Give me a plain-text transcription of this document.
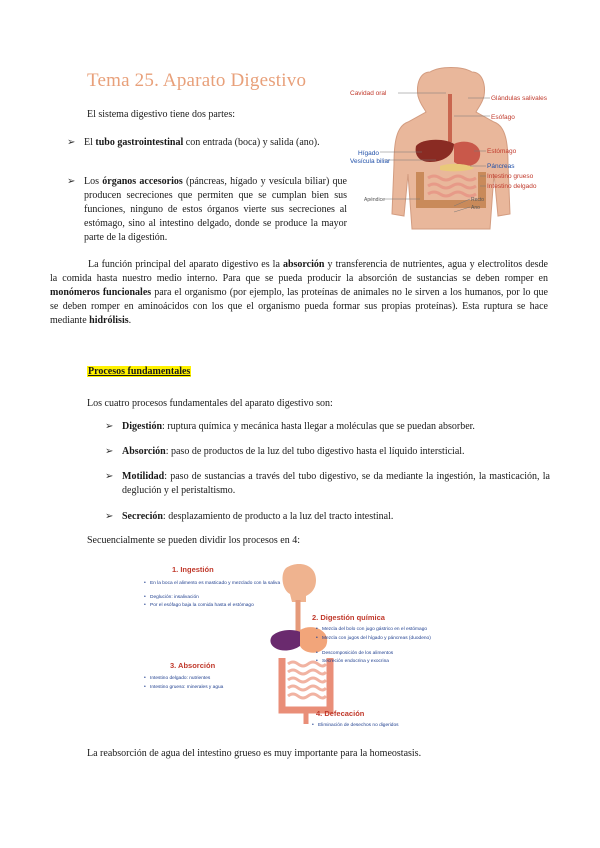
Tema 25. Aparato Digestivo

El sistema digestivo tiene dos partes:

➢ El tubo gastrointestinal con entrada (boca) y salida (ano).
➢ Los órganos accesorios (páncreas, hígado y vesícula biliar) que producen secreciones que permiten que se cumplan bien sus funciones, ninguno de estos órganos vierte sus secreciones al estómago, sino al intestino delgado, donde se produce la mayor parte de la digestión.
Cavidad oral
Glándulas salivales
Esófago
Hígado
Vesícula biliar
Estómago
Páncreas
Intestino grueso
Intestino delgado
Apéndice	Recto
Ano

La función principal del aparato digestivo es la absorción y transferencia de nutrientes, agua y electrolitos desde la comida hasta nuestro medio interno. Para que se pueda producir la absorción de sustancias se deben romper en monómeros funcionales para el organismo (por ejemplo, las proteínas de animales no le sirven a los humanos, por lo que se deben romper en aminoácidos con los que el organismo pueda formar sus propias proteínas). Esta ruptura se hace mediante hidrólisis.

Procesos fundamentales

Los cuatro procesos fundamentales del aparato digestivo son:

➢ Digestión: ruptura química y mecánica hasta llegar a moléculas que se puedan absorber.
➢ Absorción: paso de productos de la luz del tubo digestivo hasta el líquido intersticial.
➢ Motilidad: paso de sustancias a través del tubo digestivo, se da mediante la ingestión, la masticación, la deglución y el peristaltismo.
➢ Secreción: desplazamiento de producto a la luz del tracto intestinal.

Secuencialmente se pueden dividir los procesos en 4:

1. Ingestión
• En la boca el alimento es masticado y mezclado con la saliva
• Deglución: insalivación
• Por el esófago baja la comida hasta el estómago
2. Digestión química
• Mezcla del bolo con jugo gástrico en el estómago
• Mezcla con jugos del hígado y páncreas (duodeno)
• Descomposición de los alimentos
• Secreción endocrina y exocrina
3. Absorción
• Intestino delgado: nutrientes
• Intestino grueso: minerales y agua
4. Defecación
• Eliminación de desechos no digeridos

La reabsorción de agua del intestino grueso es muy importante para la homeostasis.
